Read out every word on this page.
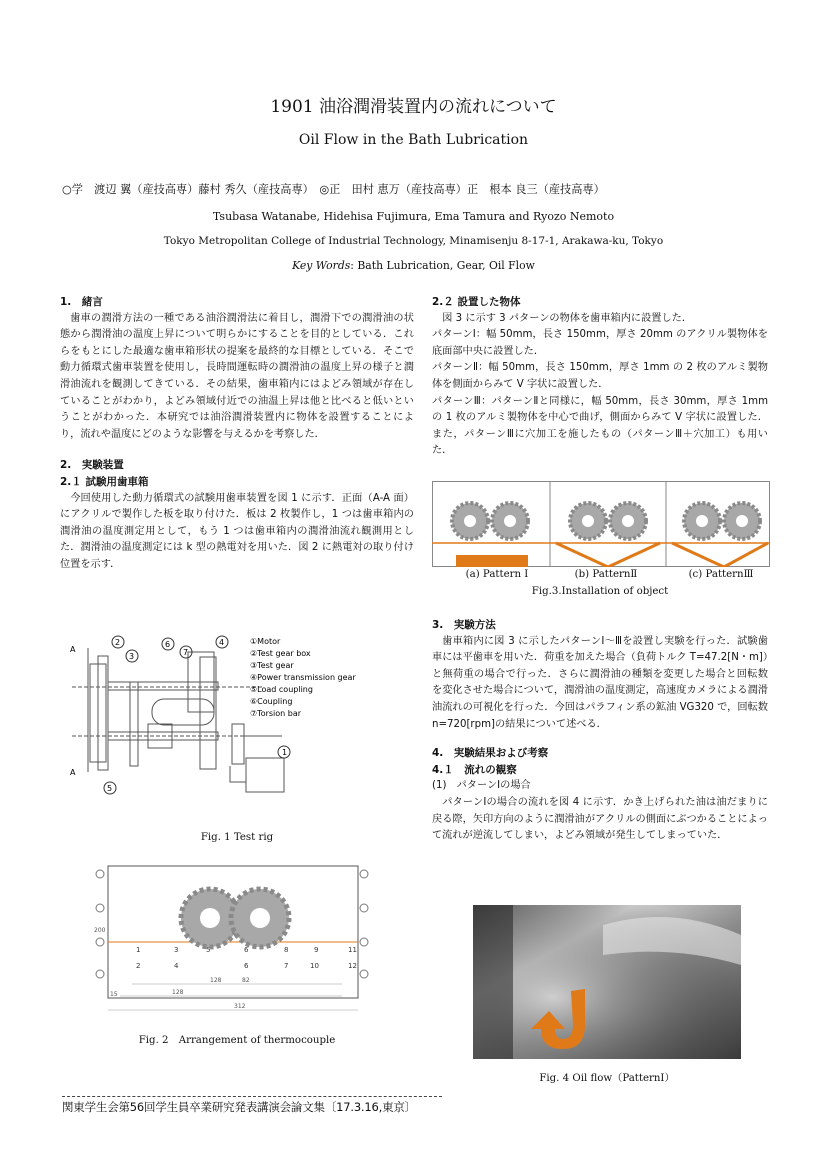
1901 油浴潤滑装置内の流れについて
Oil Flow in the Bath Lubrication
○学　渡辺 翼（産技高専）藤村 秀久（産技高専）　◎正　田村 恵万（産技高専）正　根本 良三（産技高専）
Tsubasa Watanabe, Hidehisa Fujimura, Ema Tamura and Ryozo Nemoto
Tokyo Metropolitan College of Industrial Technology, Minamisenju 8-17-1, Arakawa-ku, Tokyo
Key Words: Bath Lubrication, Gear, Oil Flow
1.　緒言

歯車の潤滑方法の一種である油浴潤滑法に着目し，潤滑下での潤滑油の状態から潤滑油の温度上昇について明らかにすることを目的としている．これらをもとにした最適な歯車箱形状の提案を最終的な目標としている．そこで動力循環式歯車装置を使用し，長時間運転時の潤滑油の温度上昇の様子と潤滑油流れを観測してきている．その結果，歯車箱内にはよどみ領域が存在していることがわかり，よどみ領域付近での油温上昇は他と比べると低いということがわかった．本研究では油浴潤滑装置内に物体を設置することにより，流れや温度にどのような影響を与えるかを考察した．

2.　実験装置
2.１ 試験用歯車箱

今回使用した動力循環式の試験用歯車装置を図 1 に示す．正面（A-A 面）にアクリルで製作した板を取り付けた．板は 2 枚製作し，1 つは歯車箱内の潤滑油の温度測定用として，もう 1 つは歯車箱内の潤滑油流れ観測用とした．潤滑油の温度測定には k 型の熱電対を用いた．図 2 に熱電対の取り付け位置を示す．

A
A
2
3
6
7
4
5
1
①Motor
②Test gear box
③Test gear
④Power transmission gear
⑤Load coupling
⑥Coupling
⑦Torsion bar
Fig. 1 Test rig
1	3	5	6	8	9	11
2	4	6	7	10	12
128	82
128
312
200
15
Fig. 2　Arrangement of thermocouple
2.２ 設置した物体

図 3 に示す 3 パターンの物体を歯車箱内に設置した．

パターンⅠ：幅 50mm，長さ 150mm，厚さ 20mm のアクリル製物体を底面部中央に設置した．

パターンⅡ：幅 50mm，長さ 150mm，厚さ 1mm の 2 枚のアルミ製物体を側面からみて V 字状に設置した．

パターンⅢ：パターンⅡと同様に，幅 50mm，長さ 30mm，厚さ 1mm の 1 枚のアルミ製物体を中心で曲げ，側面からみて V 字状に設置した．また，パターンⅢに穴加工を施したもの（パターンⅢ＋穴加工）も用いた．

(a) Pattern Ⅰ	(b) PatternⅡ	(c) PatternⅢ
Fig.3.Installation of object
3.　実験方法

歯車箱内に図 3 に示したパターンⅠ～Ⅲを設置し実験を行った．試験歯車には平歯車を用いた．荷重を加えた場合（負荷トルク T=47.2[N・m]）と無荷重の場合で行った．さらに潤滑油の種類を変更した場合と回転数を変化させた場合について，潤滑油の温度測定，高速度カメラによる潤滑油流れの可視化を行った．今回はパラフィン系の鉱油 VG320 で，回転数 n=720[rpm]の結果について述べる．

4.　実験結果および考察
4.１　流れの観察

(1)　パターンⅠの場合

パターンⅠの場合の流れを図 4 に示す．かき上げられた油は油だまりに戻る際，矢印方向のように潤滑油がアクリルの側面にぶつかることによって流れが逆流してしまい，よどみ領域が発生してしまっていた．

Fig. 4 Oil flow（PatternⅠ）
関東学生会第56回学生員卒業研究発表講演会論文集〔17.3.16,東京〕
